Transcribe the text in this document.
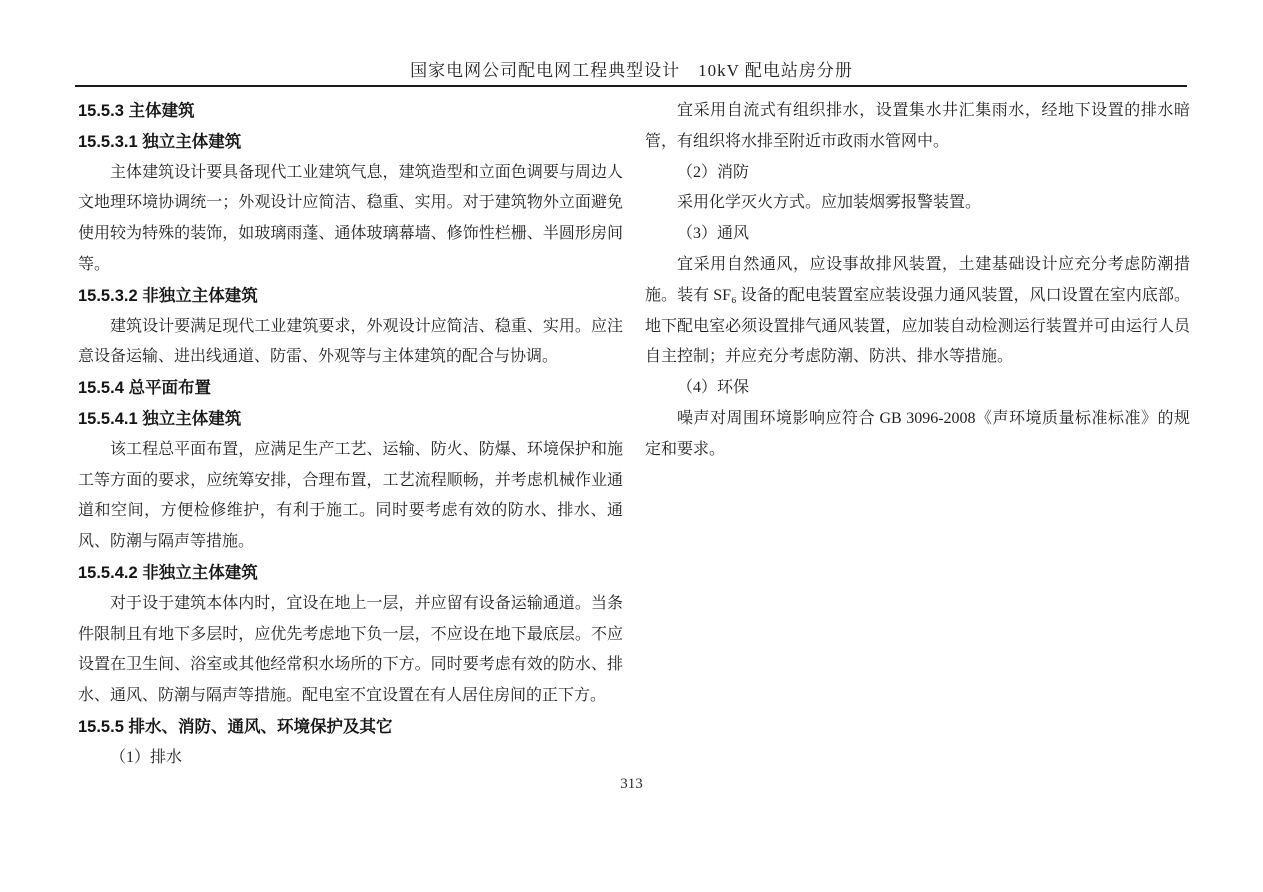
国家电网公司配电网工程典型设计　10kV 配电站房分册
15.5.3 主体建筑
15.5.3.1 独立主体建筑

主体建筑设计要具备现代工业建筑气息，建筑造型和立面色调要与周边人文地理环境协调统一；外观设计应简洁、稳重、实用。对于建筑物外立面避免使用较为特殊的装饰，如玻璃雨蓬、通体玻璃幕墙、修饰性栏栅、半圆形房间等。

15.5.3.2 非独立主体建筑

建筑设计要满足现代工业建筑要求，外观设计应简洁、稳重、实用。应注意设备运输、进出线通道、防雷、外观等与主体建筑的配合与协调。

15.5.4 总平面布置
15.5.4.1 独立主体建筑

该工程总平面布置，应满足生产工艺、运输、防火、防爆、环境保护和施工等方面的要求，应统筹安排，合理布置，工艺流程顺畅，并考虑机械作业通道和空间，方便检修维护，有利于施工。同时要考虑有效的防水、排水、通风、防潮与隔声等措施。

15.5.4.2 非独立主体建筑

对于设于建筑本体内时，宜设在地上一层，并应留有设备运输通道。当条件限制且有地下多层时，应优先考虑地下负一层，不应设在地下最底层。不应设置在卫生间、浴室或其他经常积水场所的下方。同时要考虑有效的防水、排水、通风、防潮与隔声等措施。配电室不宜设置在有人居住房间的正下方。

15.5.5 排水、消防、通风、环境保护及其它

（1）排水

宜采用自流式有组织排水，设置集水井汇集雨水，经地下设置的排水暗管，有组织将水排至附近市政雨水管网中。

（2）消防

采用化学灭火方式。应加装烟雾报警装置。

（3）通风

宜采用自然通风，应设事故排风装置，土建基础设计应充分考虑防潮措施。装有 SF₆ 设备的配电装置室应装设强力通风装置，风口设置在室内底部。地下配电室必须设置排气通风装置，应加装自动检测运行装置并可由运行人员自主控制；并应充分考虑防潮、防洪、排水等措施。

（4）环保

噪声对周围环境影响应符合 GB 3096-2008《声环境质量标准标准》的规定和要求。

313
